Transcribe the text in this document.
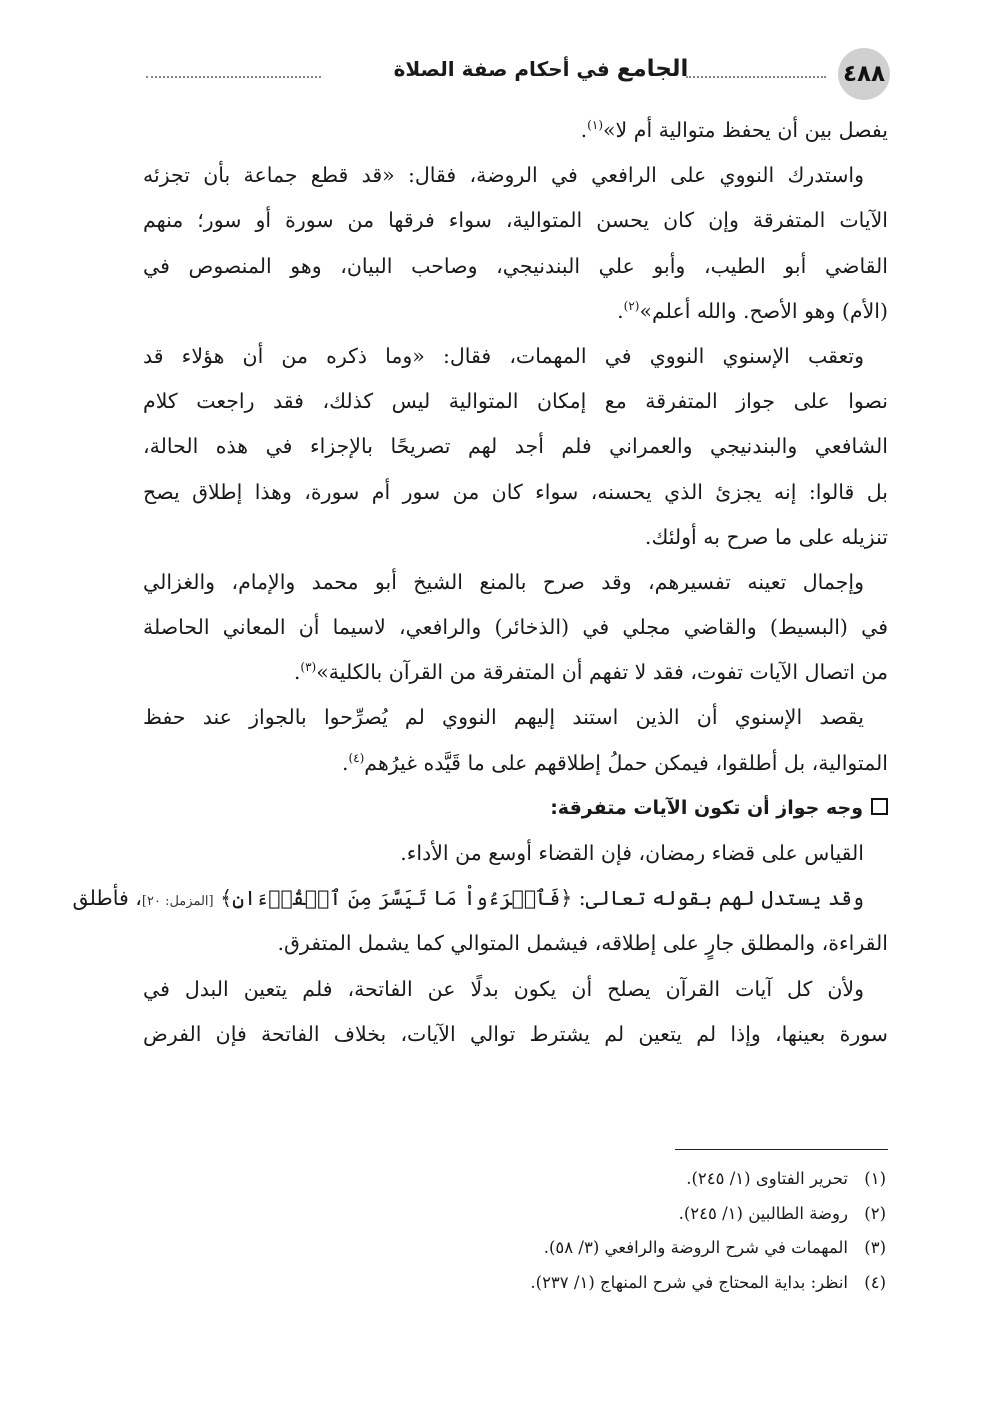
٤٨٨
الجامع في أحكام صفة الصلاة
يفصل بين أن يحفظ متوالية أم لا»$^{(١)}$.
واستدرك النووي على الرافعي في الروضة، فقال: «قد قطع جماعة بأن تجزئه
الآيات المتفرقة وإن كان يحسن المتوالية، سواء فرقها من سورة أو سور؛ منهم
القاضي أبو الطيب، وأبو علي البندنيجي، وصاحب البيان، وهو المنصوص في
(الأم) وهو الأصح. والله أعلم»$^{(٢)}$.
وتعقب الإسنوي النووي في المهمات، فقال: «وما ذكره من أن هؤلاء قد
نصوا على جواز المتفرقة مع إمكان المتوالية ليس كذلك، فقد راجعت كلام
الشافعي والبندنيجي والعمراني فلم أجد لهم تصريحًا بالإجزاء في هذه الحالة،
بل قالوا: إنه يجزئ الذي يحسنه، سواء كان من سور أم سورة، وهذا إطلاق يصح
تنزيله على ما صرح به أولئك.
وإجمال تعينه تفسيرهم، وقد صرح بالمنع الشيخ أبو محمد والإمام، والغزالي
في (البسيط) والقاضي مجلي في (الذخائر) والرافعي، لاسيما أن المعاني الحاصلة
من اتصال الآيات تفوت، فقد لا تفهم أن المتفرقة من القرآن بالكلية»$^{(٣)}$.
يقصد الإسنوي أن الذين استند إليهم النووي لم يُصرِّحوا بالجواز عند حفظ
المتوالية، بل أطلقوا، فيمكن حملُ إطلاقهم على ما قَيَّده غيرُهم$^{(٤)}$.
وجه جواز أن تكون الآيات متفرقة:
القياس على قضاء رمضان، فإن القضاء أوسع من الأداء.
وقد يستدل لهم بقوله تعالى: ﴿فَٱقۡرَءُواْ مَا تَيَسَّرَ مِنَ ٱلۡقُرۡءَانِ﴾ [المزمل: ٢٠]، فأطلق
القراءة، والمطلق جارٍ على إطلاقه، فيشمل المتوالي كما يشمل المتفرق.
ولأن كل آيات القرآن يصلح أن يكون بدلًا عن الفاتحة، فلم يتعين البدل في
سورة بعينها، وإذا لم يتعين لم يشترط توالي الآيات، بخلاف الفاتحة فإن الفرض
(١)تحرير الفتاوى (١/ ٢٤٥).
(٢)روضة الطالبين (١/ ٢٤٥).
(٣)المهمات في شرح الروضة والرافعي (٣/ ٥٨).
(٤)انظر: بداية المحتاج في شرح المنهاج (١/ ٢٣٧).
